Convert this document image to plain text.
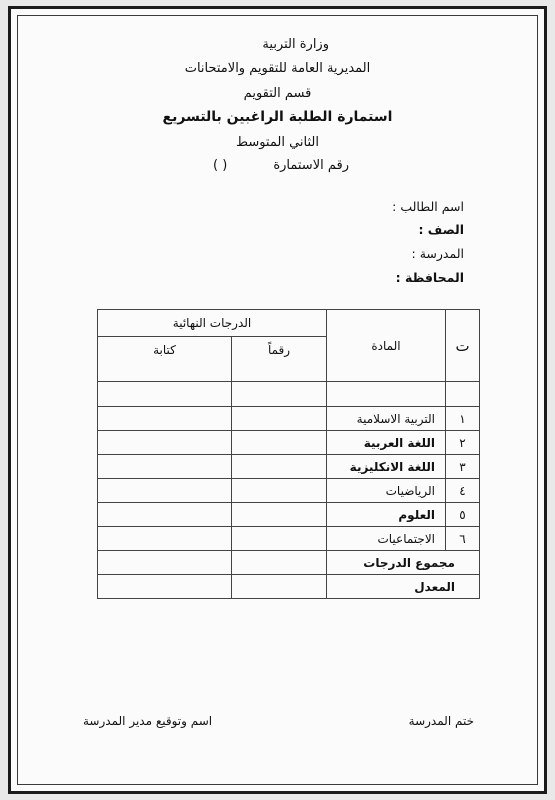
وزارة التربية
المديرية العامة للتقويم والامتحانات
قسم التقويم
استمارة الطلبة الراغبين بالتسريع
الثاني المتوسط
رقم الاستمارة
( )
اسم الطالب :
الصف :
المدرسة :
المحافظة :
ت	المادة	الدرجات النهائية	
		رقماً	كتابة

١	التربية الاسلامية		
٢	اللغة العربية		
٣	اللغة الانكليزية		
٤	الرياضيات		
٥	العلوم		
٦	الاجتماعيات		
مجموع الدرجات			
المعدل			
ختم المدرسة
اسم وتوقيع مدير المدرسة
